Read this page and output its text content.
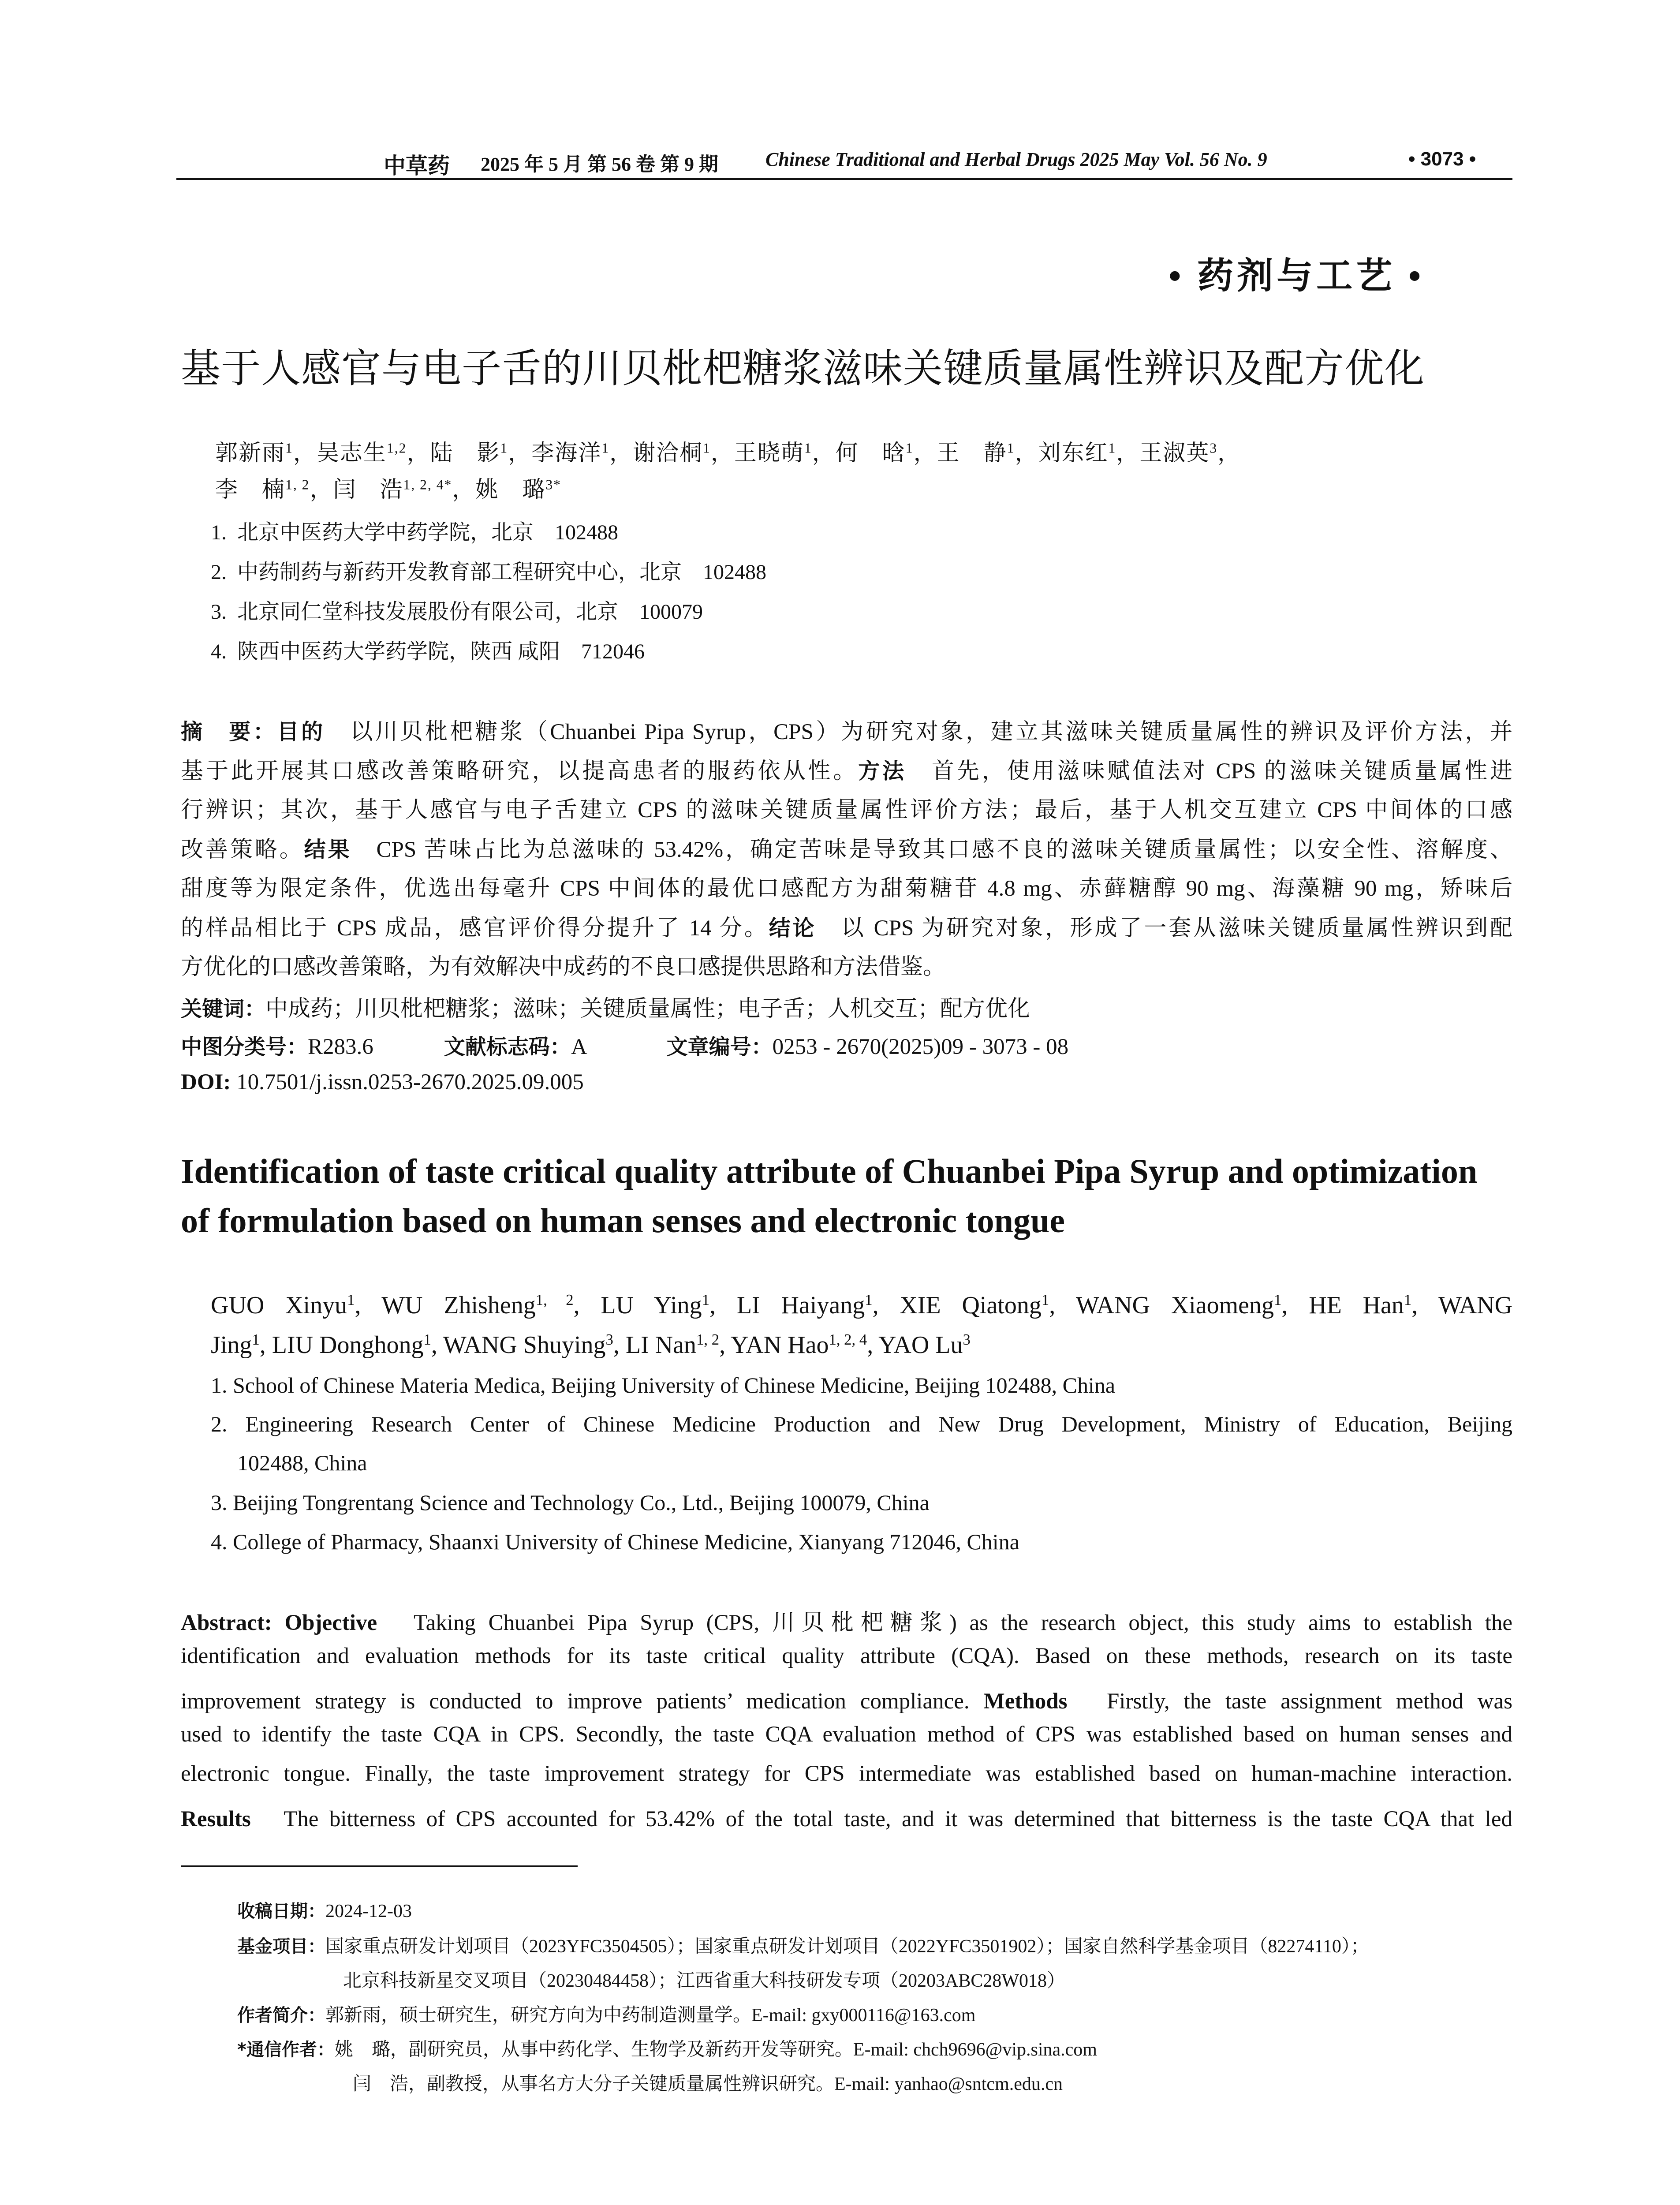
中草药 2025 年 5 月 第 56 卷 第 9 期 Chinese Traditional and Herbal Drugs 2025 May Vol. 56 No. 9	• 3073 •
• 药剂与工艺 •
基于人感官与电子舌的川贝枇杷糖浆滋味关键质量属性辨识及配方优化
郭新雨$^1$，吴志生$^{1,2}$，陆　影$^1$，李海洋$^1$，谢洽桐$^1$，王晓萌$^1$，何　晗$^1$，王　静$^1$，刘东红$^1$，王淑英$^3$，
李　楠$^{1, 2}$，闫　浩$^{1, 2, 4*}$，姚　璐$^{3*}$
1. 北京中医药大学中药学院，北京　102488
2. 中药制药与新药开发教育部工程研究中心，北京　102488
3. 北京同仁堂科技发展股份有限公司，北京　100079
4. 陕西中医药大学药学院，陕西 咸阳　712046
摘　要：目的　 以川贝枇杷糖浆（Chuanbei Pipa Syrup，CPS）为研究对象，建立其滋味关键质量属性的辨识及评价方法，并
基于此开展其口感改善策略研究，以提高患者的服药依从性。方法　 首先，使用滋味赋值法对 CPS 的滋味关键质量属性进
行辨识；其次，基于人感官与电子舌建立 CPS 的滋味关键质量属性评价方法；最后，基于人机交互建立 CPS 中间体的口感
改善策略。结果　 CPS 苦味占比为总滋味的 53.42%，确定苦味是导致其口感不良的滋味关键质量属性；以安全性、溶解度、
甜度等为限定条件，优选出每毫升 CPS 中间体的最优口感配方为甜菊糖苷 4.8 mg、赤藓糖醇 90 mg、海藻糖 90 mg，矫味后
的样品相比于 CPS 成品，感官评价得分提升了 14 分。结论　 以 CPS 为研究对象，形成了一套从滋味关键质量属性辨识到配
方优化的口感改善策略，为有效解决中成药的不良口感提供思路和方法借鉴。
关键词：中成药；川贝枇杷糖浆；滋味；关键质量属性；电子舌；人机交互；配方优化
中图分类号：R283.6	文献标志码：A	文章编号：0253 - 2670(2025)09 - 3073 - 08
DOI: 10.7501/j.issn.0253-2670.2025.09.005
Identification of taste critical quality attribute of Chuanbei Pipa Syrup and optimization of formulation based on human senses and electronic tongue
GUO Xinyu$^1$, WU Zhisheng$^{1, 2}$, LU Ying$^1$, LI Haiyang$^1$, XIE Qiatong$^1$, WANG Xiaomeng$^1$, HE Han$^1$, WANG
Jing$^1$, LIU Donghong$^1$, WANG Shuying$^3$, LI Nan$^{1, 2}$, YAN Hao$^{1, 2, 4}$, YAO Lu$^3$
1. School of Chinese Materia Medica, Beijing University of Chinese Medicine, Beijing 102488, China
2. Engineering Research Center of Chinese Medicine Production and New Drug Development, Ministry of Education, Beijing
102488, China
3. Beijing Tongrentang Science and Technology Co., Ltd., Beijing 100079, China
4. College of Pharmacy, Shaanxi University of Chinese Medicine, Xianyang 712046, China
Abstract: Objective　 Taking Chuanbei Pipa Syrup (CPS, 川贝枇杷糖浆) as the research object, this study aims to establish the
identification and evaluation methods for its taste critical quality attribute (CQA). Based on these methods, research on its taste
improvement strategy is conducted to improve patients’ medication compliance. Methods　 Firstly, the taste assignment method was
used to identify the taste CQA in CPS. Secondly, the taste CQA evaluation method of CPS was established based on human senses and
electronic tongue. Finally, the taste improvement strategy for CPS intermediate was established based on human-machine interaction.
Results　 The bitterness of CPS accounted for 53.42% of the total taste, and it was determined that bitterness is the taste CQA that led
收稿日期：2024-12-03
基金项目：国家重点研发计划项目（2023YFC3504505）；国家重点研发计划项目（2022YFC3501902）；国家自然科学基金项目（82274110）；
北京科技新星交叉项目（20230484458）；江西省重大科技研发专项（20203ABC28W018）
作者简介：郭新雨，硕士研究生，研究方向为中药制造测量学。E-mail: gxy000116@163.com
*通信作者：姚　璐，副研究员，从事中药化学、生物学及新药开发等研究。E-mail: chch9696@vip.sina.com
闫　浩，副教授，从事名方大分子关键质量属性辨识研究。E-mail: yanhao@sntcm.edu.cn
